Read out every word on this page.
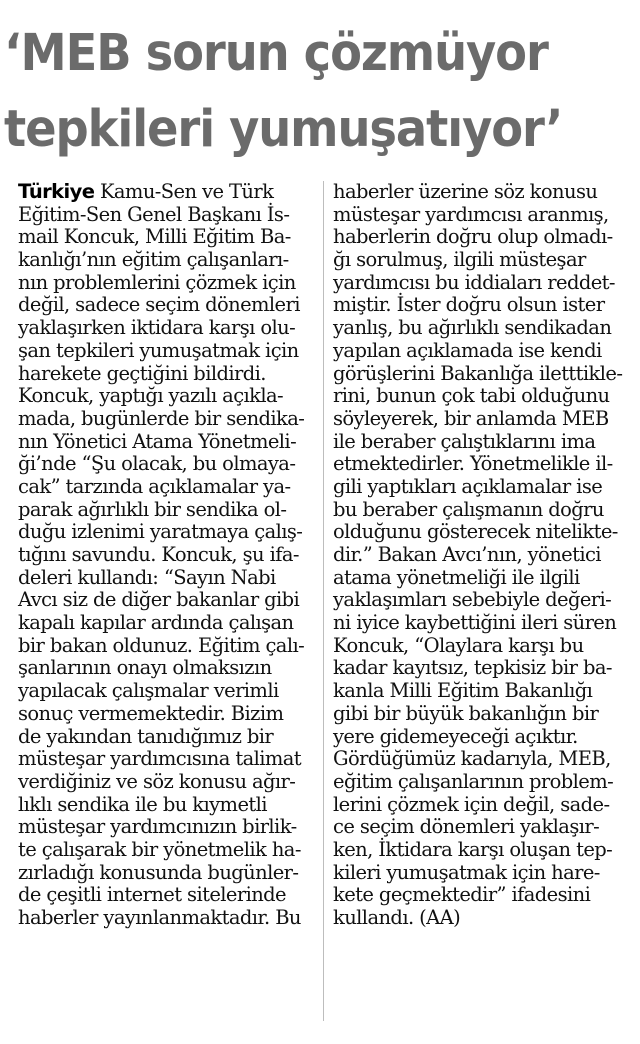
‘MEB sorun çözmüyor
tepkileri yumuşatıyor’
Türkiye Kamu-Sen ve Türk
Eğitim-Sen Genel Başkanı İs-
mail Koncuk, Milli Eğitim Ba-
kanlığı’nın eğitim çalışanları-
nın problemlerini çözmek için
değil, sadece seçim dönemleri
yaklaşırken iktidara karşı olu-
şan tepkileri yumuşatmak için
harekete geçtiğini bildirdi.
Koncuk, yaptığı yazılı açıkla-
mada, bugünlerde bir sendika-
nın Yönetici Atama Yönetmeli-
ği’nde “Şu olacak, bu olmaya-
cak” tarzında açıklamalar ya-
parak ağırlıklı bir sendika ol-
duğu izlenimi yaratmaya çalış-
tığını savundu. Koncuk, şu ifa-
deleri kullandı: “Sayın Nabi
Avcı siz de diğer bakanlar gibi
kapalı kapılar ardında çalışan
bir bakan oldunuz. Eğitim çalı-
şanlarının onayı olmaksızın
yapılacak çalışmalar verimli
sonuç vermemektedir. Bizim
de yakından tanıdığımız bir
müsteşar yardımcısına talimat
verdiğiniz ve söz konusu ağır-
lıklı sendika ile bu kıymetli
müsteşar yardımcınızın birlik-
te çalışarak bir yönetmelik ha-
zırladığı konusunda bugünler-
de çeşitli internet sitelerinde
haberler yayınlanmaktadır. Bu
haberler üzerine söz konusu
müsteşar yardımcısı aranmış,
haberlerin doğru olup olmadı-
ğı sorulmuş, ilgili müsteşar
yardımcısı bu iddiaları reddet-
miştir. İster doğru olsun ister
yanlış, bu ağırlıklı sendikadan
yapılan açıklamada ise kendi
görüşlerini Bakanlığa iletttikle-
rini, bunun çok tabi olduğunu
söyleyerek, bir anlamda MEB
ile beraber çalıştıklarını ima
etmektedirler. Yönetmelikle il-
gili yaptıkları açıklamalar ise
bu beraber çalışmanın doğru
olduğunu gösterecek nitelikte-
dir.” Bakan Avcı’nın, yönetici
atama yönetmeliği ile ilgili
yaklaşımları sebebiyle değeri-
ni iyice kaybettiğini ileri süren
Koncuk, “Olaylara karşı bu
kadar kayıtsız, tepkisiz bir ba-
kanla Milli Eğitim Bakanlığı
gibi bir büyük bakanlığın bir
yere gidemeyeceği açıktır.
Gördüğümüz kadarıyla, MEB,
eğitim çalışanlarının problem-
lerini çözmek için değil, sade-
ce seçim dönemleri yaklaşır-
ken, İktidara karşı oluşan tep-
kileri yumuşatmak için hare-
kete geçmektedir” ifadesini
kullandı. (AA)
